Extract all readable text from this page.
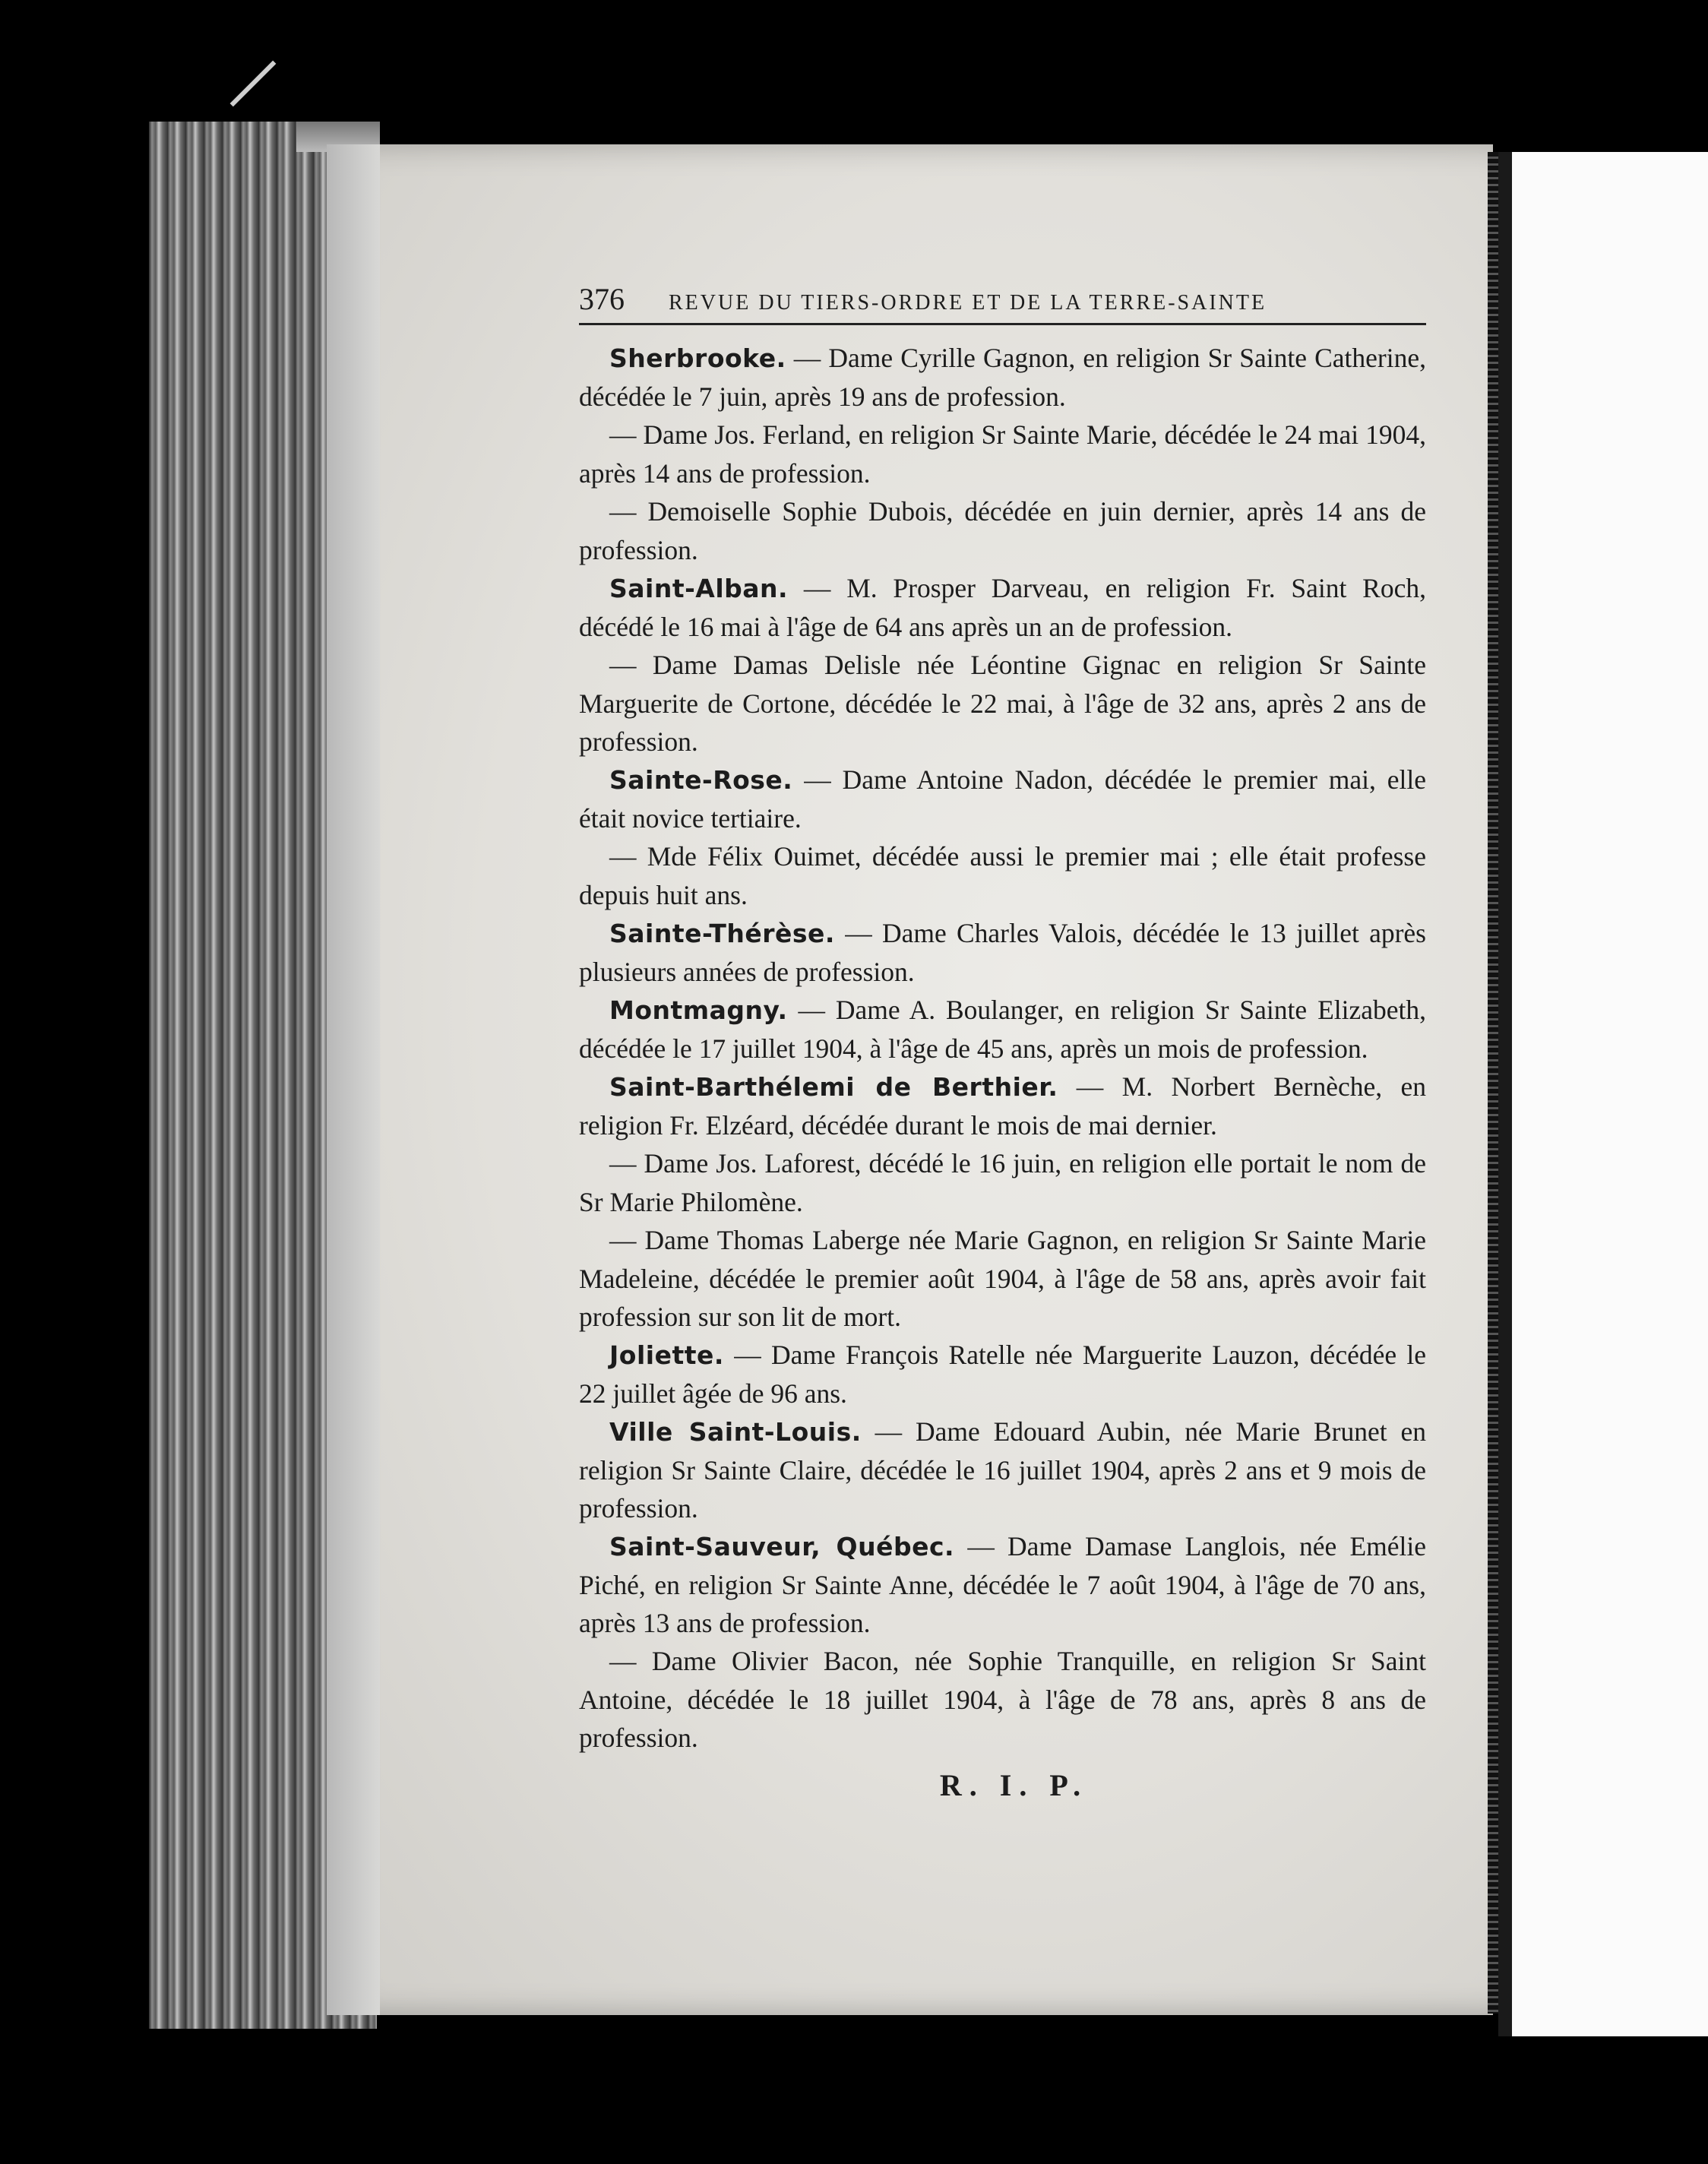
376	REVUE DU TIERS-ORDRE ET DE LA TERRE-SAINTE

Sherbrooke. — Dame Cyrille Gagnon, en religion Sr Sainte Catherine, décédée le 7 juin, après 19 ans de profession.

— Dame Jos. Ferland, en religion Sr Sainte Marie, décédée le 24 mai 1904, après 14 ans de profession.

— Demoiselle Sophie Dubois, décédée en juin dernier, après 14 ans de profession.

Saint-Alban. — M. Prosper Darveau, en religion Fr. Saint Roch, décédé le 16 mai à l'âge de 64 ans après un an de profession.

— Dame Damas Delisle née Léontine Gignac en religion Sr Sainte Marguerite de Cortone, décédée le 22 mai, à l'âge de 32 ans, après 2 ans de profession.

Sainte-Rose. — Dame Antoine Nadon, décédée le premier mai, elle était novice tertiaire.

— Mde Félix Ouimet, décédée aussi le premier mai ; elle était professe depuis huit ans.

Sainte-Thérèse. — Dame Charles Valois, décédée le 13 juillet après plusieurs années de profession.

Montmagny. — Dame A. Boulanger, en religion Sr Sainte Elizabeth, décédée le 17 juillet 1904, à l'âge de 45 ans, après un mois de profession.

Saint-Barthélemi de Berthier. — M. Norbert Bernèche, en religion Fr. Elzéard, décédée durant le mois de mai dernier.

— Dame Jos. Laforest, décédé le 16 juin, en religion elle portait le nom de Sr Marie Philomène.

— Dame Thomas Laberge née Marie Gagnon, en religion Sr Sainte Marie Madeleine, décédée le premier août 1904, à l'âge de 58 ans, après avoir fait profession sur son lit de mort.

Joliette. — Dame François Ratelle née Marguerite Lauzon, décédée le 22 juillet âgée de 96 ans.

Ville Saint-Louis. — Dame Edouard Aubin, née Marie Brunet en religion Sr Sainte Claire, décédée le 16 juillet 1904, après 2 ans et 9 mois de profession.

Saint-Sauveur, Québec. — Dame Damase Langlois, née Emélie Piché, en religion Sr Sainte Anne, décédée le 7 août 1904, à l'âge de 70 ans, après 13 ans de profession.

— Dame Olivier Bacon, née Sophie Tranquille, en religion Sr Saint Antoine, décédée le 18 juillet 1904, à l'âge de 78 ans, après 8 ans de profession.

R. I. P.
